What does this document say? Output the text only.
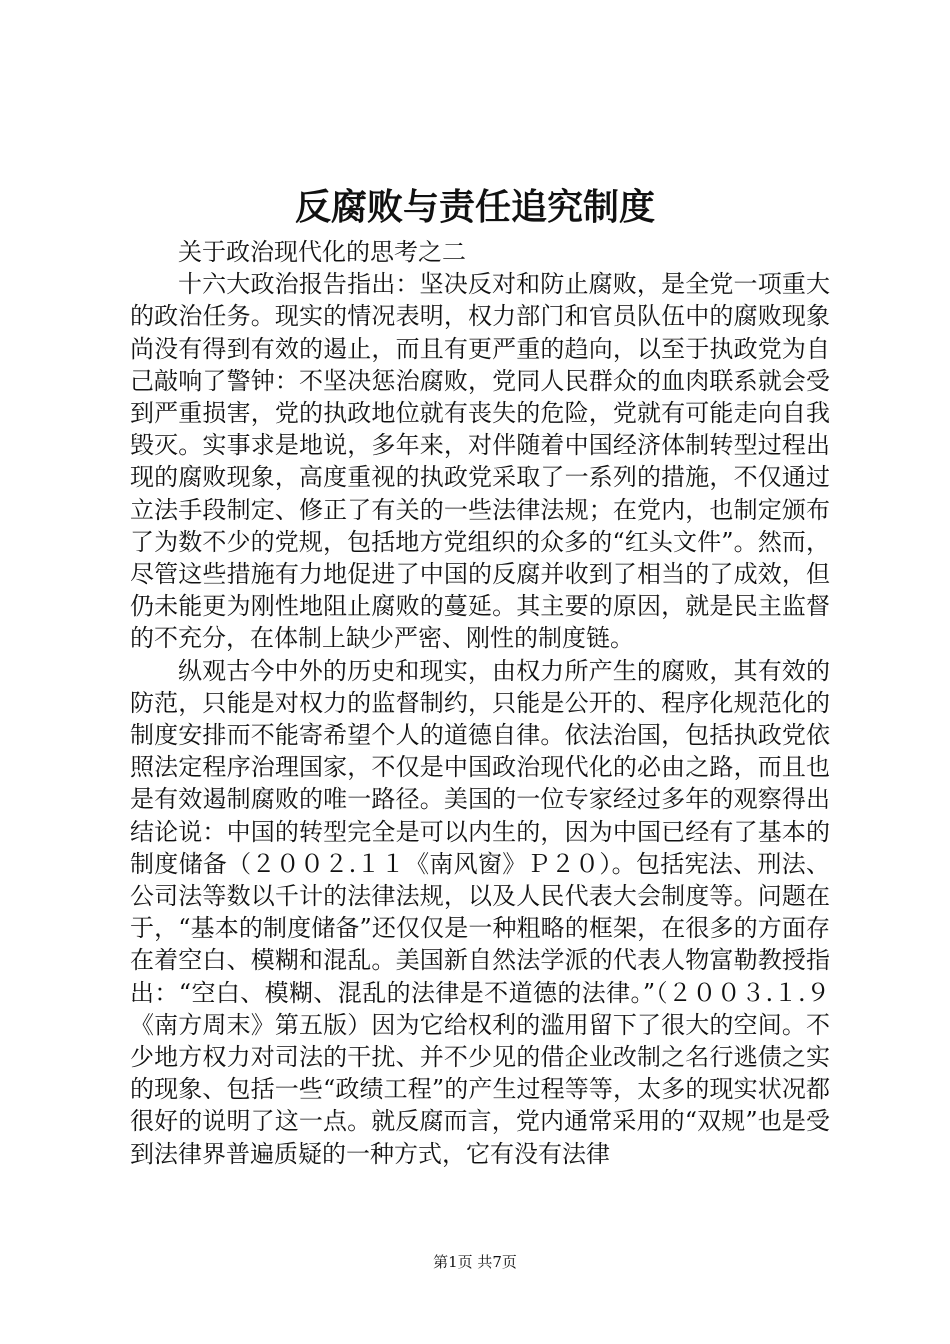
反腐败与责任追究制度

关于政治现代化的思考之二

十六大政治报告指出：坚决反对和防止腐败，是全党一项重大的政治任务。现实的情况表明，权力部门和官员队伍中的腐败现象尚没有得到有效的遏止，而且有更严重的趋向，以至于执政党为自己敲响了警钟：不坚决惩治腐败，党同人民群众的血肉联系就会受到严重损害，党的执政地位就有丧失的危险，党就有可能走向自我毁灭。实事求是地说，多年来，对伴随着中国经济体制转型过程出现的腐败现象，高度重视的执政党采取了一系列的措施，不仅通过立法手段制定、修正了有关的一些法律法规；在党内，也制定颁布了为数不少的党规，包括地方党组织的众多的“红头文件”。然而，尽管这些措施有力地促进了中国的反腐并收到了相当的了成效，但仍未能更为刚性地阻止腐败的蔓延。其主要的原因，就是民主监督的不充分，在体制上缺少严密、刚性的制度链。

纵观古今中外的历史和现实，由权力所产生的腐败，其有效的防范，只能是对权力的监督制约，只能是公开的、程序化规范化的制度安排而不能寄希望个人的道德自律。依法治国，包括执政党依照法定程序治理国家，不仅是中国政治现代化的必由之路，而且也是有效遏制腐败的唯一路径。美国的一位专家经过多年的观察得出结论说：中国的转型完全是可以内生的，因为中国已经有了基本的制度储备（２００２.１１《南风窗》Ｐ２０）。包括宪法、刑法、公司法等数以千计的法律法规，以及人民代表大会制度等。问题在于，“基本的制度储备”还仅仅是一种粗略的框架，在很多的方面存在着空白、模糊和混乱。美国新自然法学派的代表人物富勒教授指出：“空白、模糊、混乱的法律是不道德的法律。”（２００３.１.９《南方周末》第五版）因为它给权利的滥用留下了很大的空间。不少地方权力对司法的干扰、并不少见的借企业改制之名行逃债之实的现象、包括一些“政绩工程”的产生过程等等，太多的现实状况都很好的说明了这一点。就反腐而言，党内通常采用的“双规”也是受到法律界普遍质疑的一种方式，它有没有法律

第1页 共7页
